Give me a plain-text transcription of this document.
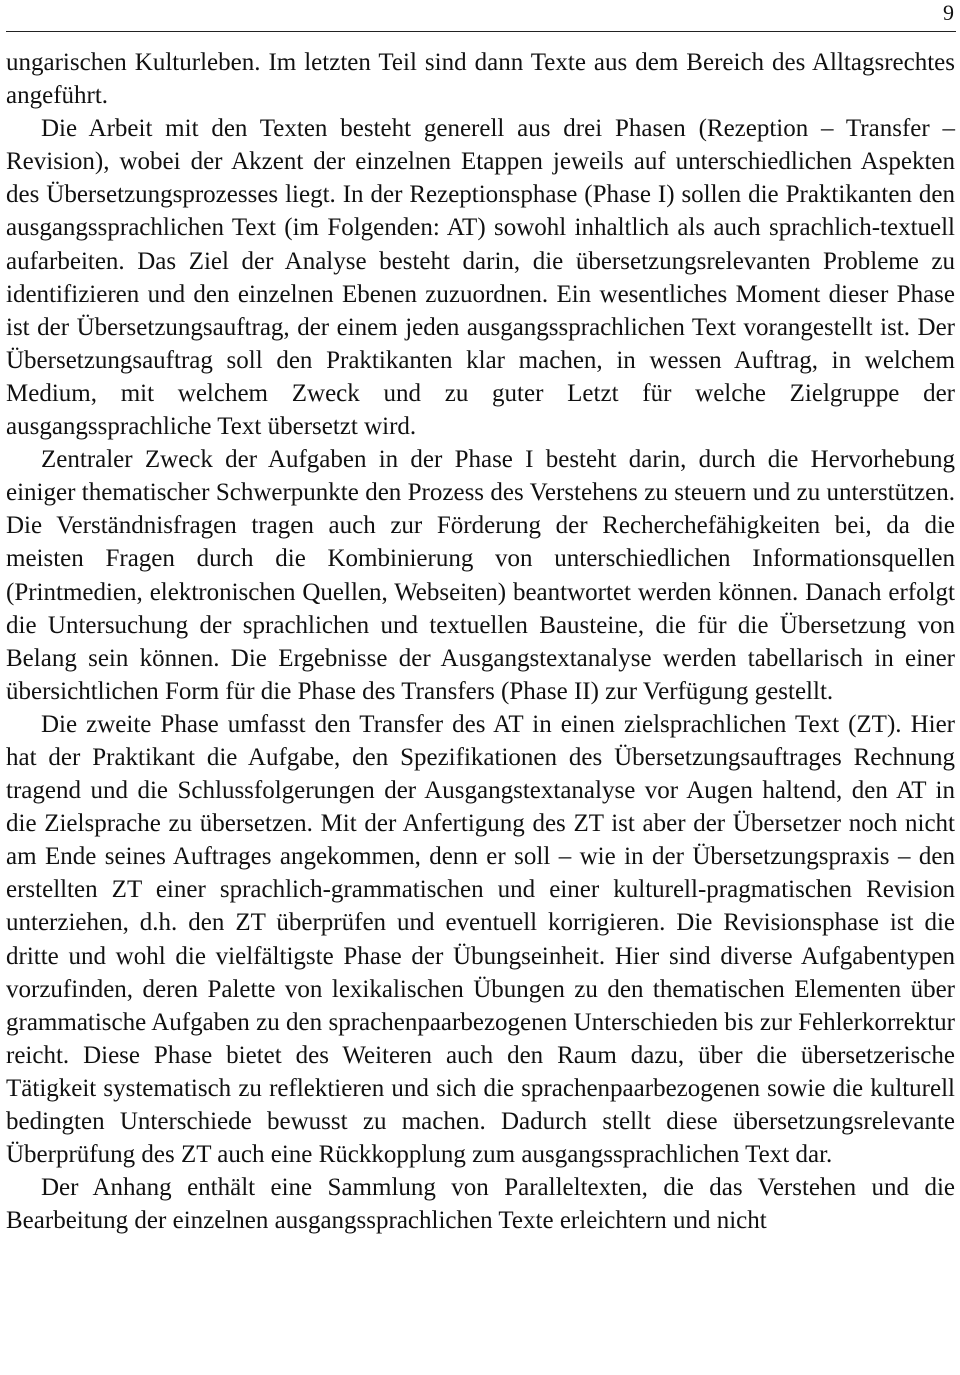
9

ungarischen Kulturleben. Im letzten Teil sind dann Texte aus dem Bereich des Alltagsrechtes angeführt.

Die Arbeit mit den Texten besteht generell aus drei Phasen (Rezeption – Transfer – Revision), wobei der Akzent der einzelnen Etappen jeweils auf unterschiedlichen Aspekten des Übersetzungsprozesses liegt. In der Rezeptionsphase (Phase I) sollen die Praktikanten den ausgangssprachlichen Text (im Folgenden: AT) sowohl inhaltlich als auch sprachlich-textuell aufarbeiten. Das Ziel der Analyse besteht darin, die übersetzungsrelevanten Probleme zu identifizieren und den einzelnen Ebenen zuzuordnen. Ein wesentliches Moment dieser Phase ist der Übersetzungsauftrag, der einem jeden ausgangssprachlichen Text vorangestellt ist. Der Übersetzungsauftrag soll den Praktikanten klar machen, in wessen Auftrag, in welchem Medium, mit welchem Zweck und zu guter Letzt für welche Zielgruppe der ausgangssprachliche Text übersetzt wird.

Zentraler Zweck der Aufgaben in der Phase I besteht darin, durch die Hervorhebung einiger thematischer Schwerpunkte den Prozess des Verstehens zu steuern und zu unterstützen. Die Verständnisfragen tragen auch zur Förderung der Recherchefähigkeiten bei, da die meisten Fragen durch die Kombinierung von unterschiedlichen Informationsquellen (Printmedien, elektronischen Quellen, Webseiten) beantwortet werden können. Danach erfolgt die Untersuchung der sprachlichen und textuellen Bausteine, die für die Übersetzung von Belang sein können. Die Ergebnisse der Ausgangstextanalyse werden tabellarisch in einer übersichtlichen Form für die Phase des Transfers (Phase II) zur Verfügung gestellt.

Die zweite Phase umfasst den Transfer des AT in einen zielsprachlichen Text (ZT). Hier hat der Praktikant die Aufgabe, den Spezifikationen des Übersetzungsauftrages Rechnung tragend und die Schlussfolgerungen der Ausgangstextanalyse vor Augen haltend, den AT in die Zielsprache zu übersetzen. Mit der Anfertigung des ZT ist aber der Übersetzer noch nicht am Ende seines Auftrages angekommen, denn er soll – wie in der Übersetzungspraxis – den erstellten ZT einer sprachlich-grammatischen und einer kulturell-pragmatischen Revision unterziehen, d.h. den ZT überprüfen und eventuell korrigieren. Die Revisionsphase ist die dritte und wohl die vielfältigste Phase der Übungseinheit. Hier sind diverse Aufgabentypen vorzufinden, deren Palette von lexikalischen Übungen zu den thematischen Elementen über grammatische Aufgaben zu den sprachenpaarbezogenen Unterschieden bis zur Fehlerkorrektur reicht. Diese Phase bietet des Weiteren auch den Raum dazu, über die übersetzerische Tätigkeit systematisch zu reflektieren und sich die sprachenpaarbezogenen sowie die kulturell bedingten Unterschiede bewusst zu machen. Dadurch stellt diese übersetzungsrelevante Überprüfung des ZT auch eine Rückkopplung zum ausgangssprachlichen Text dar.

Der Anhang enthält eine Sammlung von Paralleltexten, die das Verstehen und die Bearbeitung der einzelnen ausgangssprachlichen Texte erleichtern und nicht
